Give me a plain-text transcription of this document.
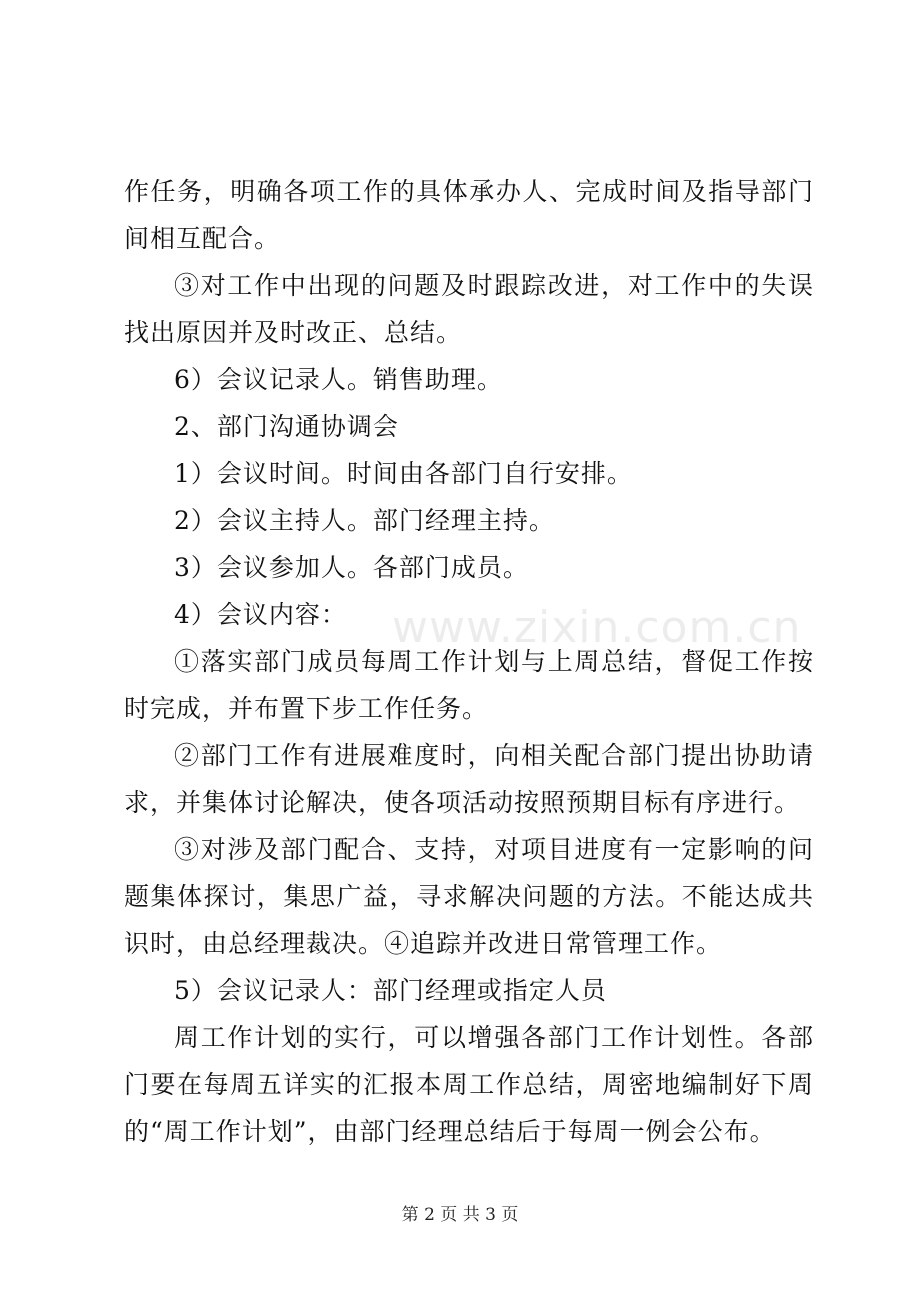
作任务，明确各项工作的具体承办人、完成时间及指导部门间相互配合。

③对工作中出现的问题及时跟踪改进，对工作中的失误找出原因并及时改正、总结。

6）会议记录人。销售助理。

2、部门沟通协调会

1）会议时间。时间由各部门自行安排。

2）会议主持人。部门经理主持。

3）会议参加人。各部门成员。

4）会议内容：

①落实部门成员每周工作计划与上周总结，督促工作按时完成，并布置下步工作任务。

②部门工作有进展难度时，向相关配合部门提出协助请求，并集体讨论解决，使各项活动按照预期目标有序进行。

③对涉及部门配合、支持，对项目进度有一定影响的问题集体探讨，集思广益，寻求解决问题的方法。不能达成共识时，由总经理裁决。④追踪并改进日常管理工作。

5）会议记录人：部门经理或指定人员

周工作计划的实行，可以增强各部门工作计划性。各部门要在每周五详实的汇报本周工作总结，周密地编制好下周的“周工作计划”，由部门经理总结后于每周一例会公布。

www.zixin.com.cn
第 2 页 共 3 页
